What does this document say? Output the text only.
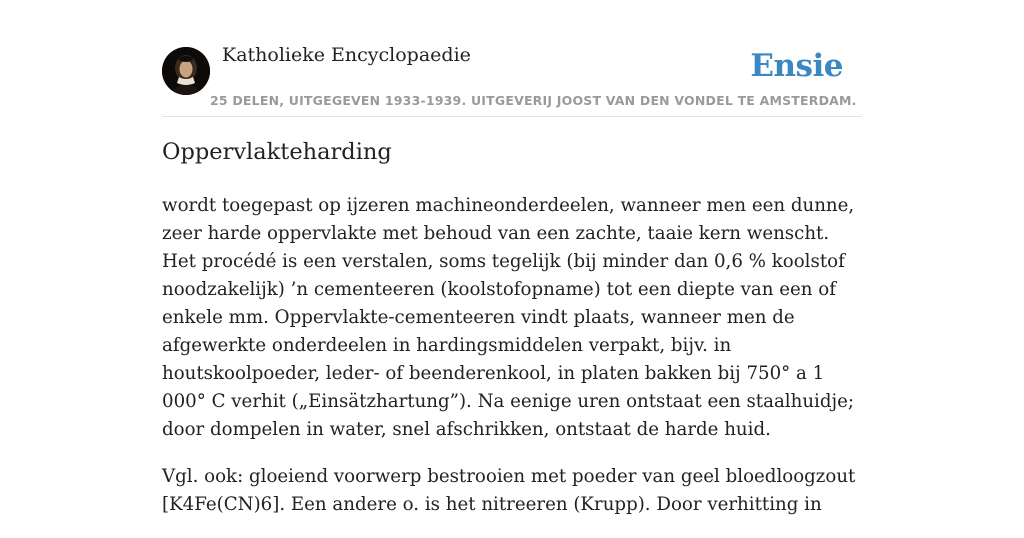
Katholieke Encyclopaedie	Ensie
25 DELEN, UITGEGEVEN 1933-1939. UITGEVERIJ JOOST VAN DEN VONDEL TE AMSTERDAM.
Oppervlakteharding

wordt toegepast op ijzeren machineonderdeelen, wanneer men een dunne, zeer harde oppervlakte met behoud van een zachte, taaie kern wenscht. Het procédé is een verstalen, soms tegelijk (bij minder dan 0,6 % koolstof noodzakelijk) ’n cementeeren (koolstofopname) tot een diepte van een of enkele mm. Oppervlakte-cementeeren vindt plaats, wanneer men de afgewerkte onderdeelen in hardingsmiddelen verpakt, bijv. in houtskoolpoeder, leder- of beenderenkool, in platen bakken bij 750° a 1 000° C verhit („Einsätzhartung”). Na eenige uren ontstaat een staalhuidje; door dompelen in water, snel afschrikken, ontstaat de harde huid.

Vgl. ook: gloeiend voorwerp bestrooien met poeder van geel bloedloogzout [K4Fe(CN)6]. Een andere o. is het nitreeren (Krupp). Door verhitting in
